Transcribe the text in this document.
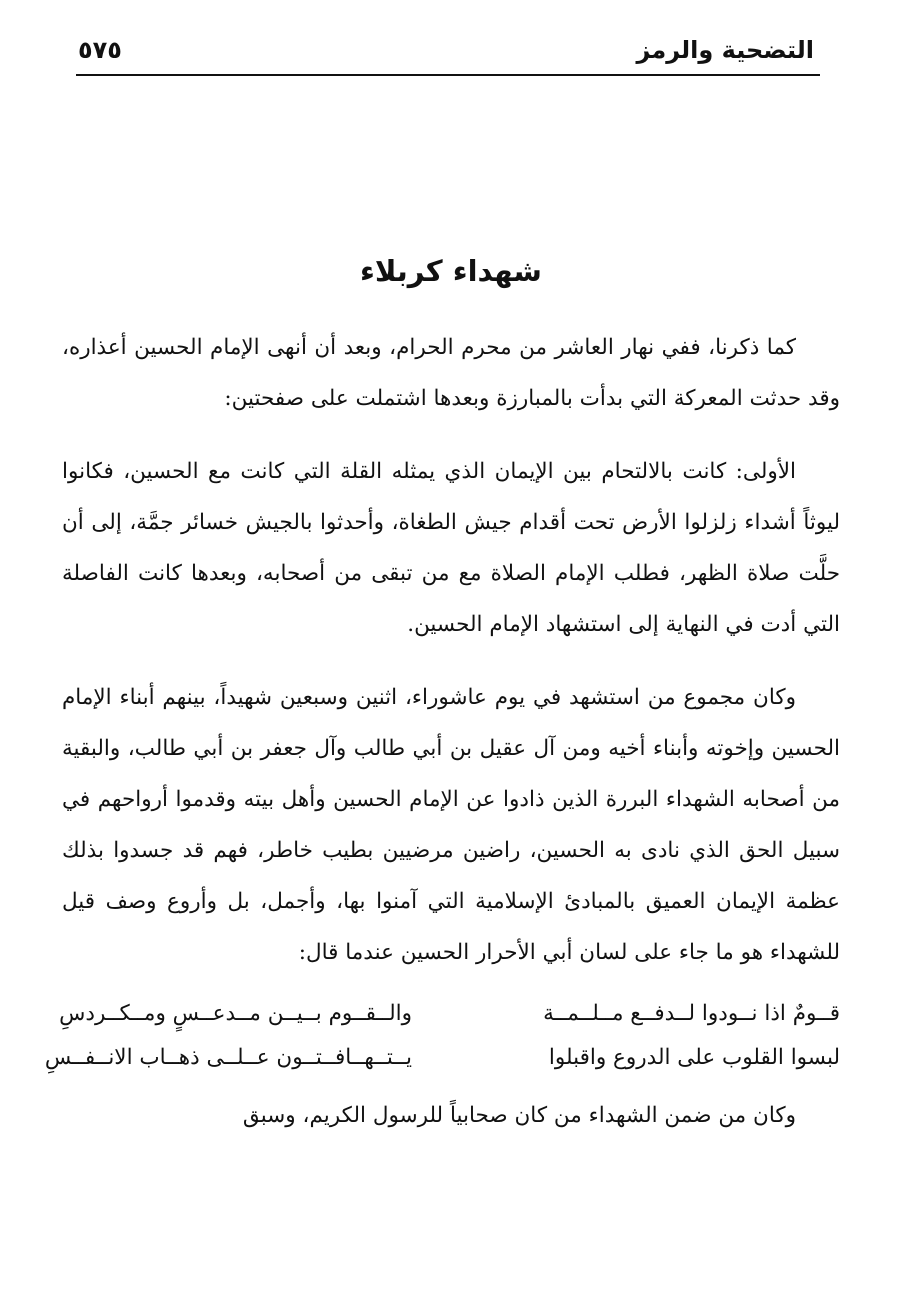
التضحية والرمز
٥٧٥
شهداء كربلاء

كما ذكرنا، ففي نهار العاشر من محرم الحرام، وبعد أن أنهى الإمام الحسين أعذاره، وقد حدثت المعركة التي بدأت بالمبارزة وبعدها اشتملت على صفحتين:

الأولى: كانت بالالتحام بين الإيمان الذي يمثله القلة التي كانت مع الحسين، فكانوا ليوثاً أشداء زلزلوا الأرض تحت أقدام جيش الطغاة، وأحدثوا بالجيش خسائر جمَّة، إلى أن حلَّت صلاة الظهر، فطلب الإمام الصلاة مع من تبقى من أصحابه، وبعدها كانت الفاصلة التي أدت في النهاية إلى استشهاد الإمام الحسين.

وكان مجموع من استشهد في يوم عاشوراء، اثنين وسبعين شهيداً، بينهم أبناء الإمام الحسين وإخوته وأبناء أخيه ومن آل عقيل بن أبي طالب وآل جعفر بن أبي طالب، والبقية من أصحابه الشهداء البررة الذين ذادوا عن الإمام الحسين وأهل بيته وقدموا أرواحهم في سبيل الحق الذي نادى به الحسين، راضين مرضيين بطيب خاطر، فهم قد جسدوا بذلك عظمة الإيمان العميق بالمبادئ الإسلامية التي آمنوا بها، وأجمل، بل وأروع وصف قيل للشهداء هو ما جاء على لسان أبي الأحرار الحسين عندما قال:

قــومٌ اذا نــودوا لــدفــع مــلــمــة
والــقــوم بــيــن مــدعــسٍ ومــكــردسِ
لبسوا القلوب على الدروع واقبلوا
يــتــهــافــتــون عــلــى ذهــاب الانــفــسِ

وكان من ضمن الشهداء من كان صحابياً للرسول الكريم، وسبق
